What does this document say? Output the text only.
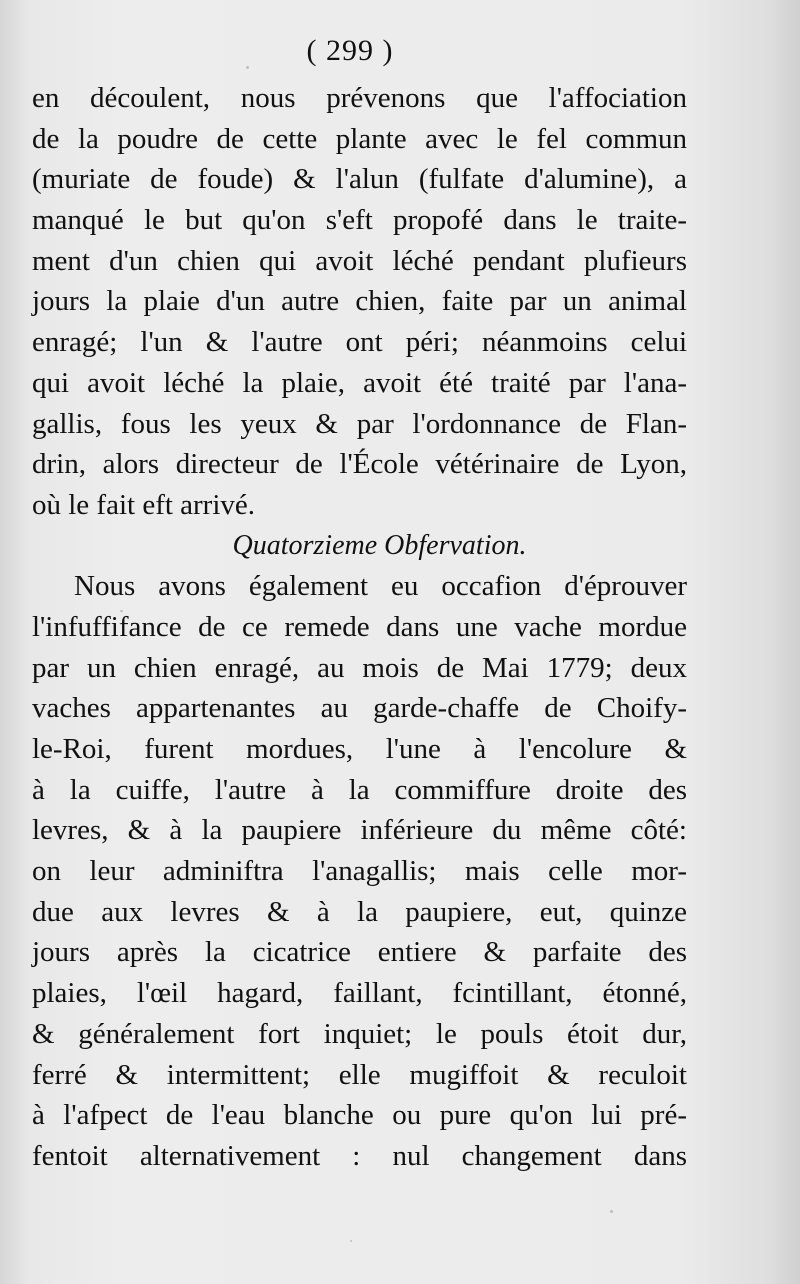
( 299 )
en découlent, nous prévenons que l'affociation
de la poudre de cette plante avec le fel commun
(muriate de foude) & l'alun (fulfate d'alumine), a
manqué le but qu'on s'eft propofé dans le traite-
ment d'un chien qui avoit léché pendant plufieurs
jours la plaie d'un autre chien, faite par un animal
enragé; l'un & l'autre ont péri; néanmoins celui
qui avoit léché la plaie, avoit été traité par l'ana-
gallis, fous les yeux & par l'ordonnance de Flan-
drin, alors directeur de l'École vétérinaire de Lyon,
où le fait eft arrivé.
Quatorzieme Obfervation.
Nous avons également eu occafion d'éprouver
l'infuffifance de ce remede dans une vache mordue
par un chien enragé, au mois de Mai 1779; deux
vaches appartenantes au garde-chaffe de Choify-
le-Roi, furent mordues, l'une à l'encolure &
à la cuiffe, l'autre à la commiffure droite des
levres, & à la paupiere inférieure du même côté:
on leur adminiftra l'anagallis; mais celle mor-
due aux levres & à la paupiere, eut, quinze
jours après la cicatrice entiere & parfaite des
plaies, l'œil hagard, faillant, fcintillant, étonné,
& généralement fort inquiet; le pouls étoit dur,
ferré & intermittent; elle mugiffoit & reculoit
à l'afpect de l'eau blanche ou pure qu'on lui pré-
fentoit alternativement : nul changement dans
